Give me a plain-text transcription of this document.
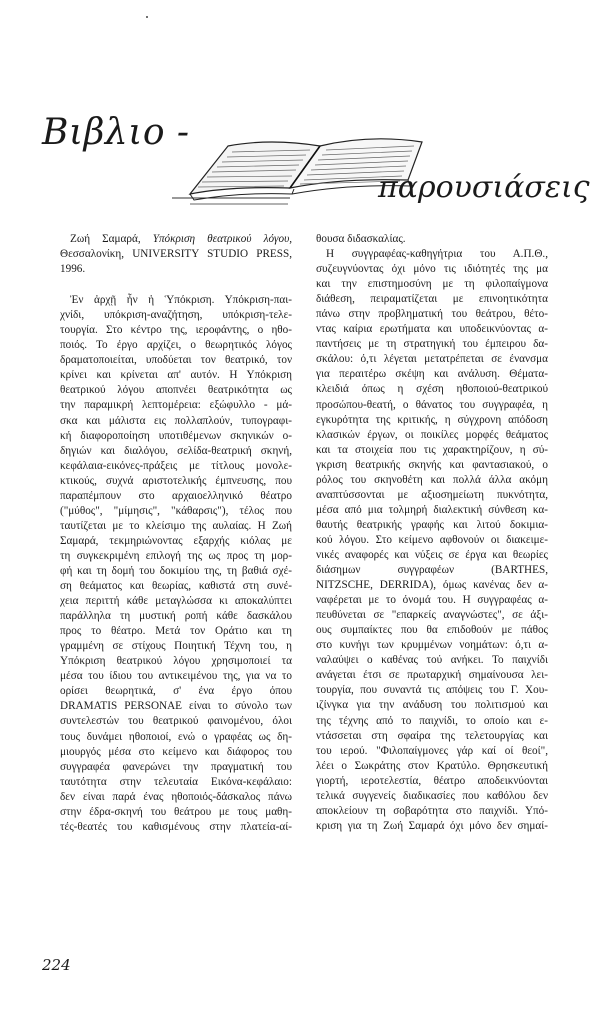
Βιβλιο -
παρουσιάσεις

Ζωή Σαμαρά, Υπόκριση θεατρικού λόγου,
Θεσσαλονίκη, UNIVERSITY STUDIO PRESS,
1996.

Ἐν ἀρχῇ ἦν ἡ Ὑπόκριση. Υπόκριση-παι-
χνίδι, υπόκριση-αναζήτηση, υπόκριση-τελε-
τουργία. Στο κέντρο της, ιεροφάντης, ο ηθο-
ποιός. Το έργο αρχίζει, ο θεωρητικός λόγος
δραματοποιείται, υποδύεται τον θεατρικό, τον
κρίνει και κρίνεται απ' αυτόν. Η Υπόκριση
θεατρικού λόγου αποπνέει θεατρικότητα ως
την παραμικρή λεπτομέρεια: εξώφυλλο - μά-
σκα και μάλιστα εις πολλαπλούν, τυπογραφι-
κή διαφοροποίηση υποτιθέμενων σκηνικών ο-
δηγιών και διαλόγου, σελίδα-θεατρική σκηνή,
κεφάλαια-εικόνες-πράξεις με τίτλους μονολε-
κτικούς, συχνά αριστοτελικής έμπνευσης, που
παραπέμπουν στο αρχαιοελληνικό θέατρο
("μύθος", "μίμησις", "κάθαρσις"), τέλος που
ταυτίζεται με το κλείσιμο της αυλαίας. Η Ζωή
Σαμαρά, τεκμηριώνοντας εξαρχής κιόλας με
τη συγκεκριμένη επιλογή της ως προς τη μορ-
φή και τη δομή του δοκιμίου της, τη βαθιά σχέ-
ση θεάματος και θεωρίας, καθιστά στη συνέ-
χεια περιττή κάθε μεταγλώσσα κι αποκαλύπτει
παράλληλα τη μυστική ροπή κάθε δασκάλου
προς το θέατρο. Μετά τον Οράτιο και τη
γραμμένη σε στίχους Ποιητική Τέχνη του, η
Υπόκριση θεατρικού λόγου χρησιμοποιεί τα
μέσα του ίδιου του αντικειμένου της, για να το
ορίσει θεωρητικά, σ' ένα έργο όπου
DRAMATIS PERSONAE είναι το σύνολο των
συντελεστών του θεατρικού φαινομένου, όλοι
τους δυνάμει ηθοποιοί, ενώ ο γραφέας ως δη-
μιουργός μέσα στο κείμενο και διάφορος του
συγγραφέα φανερώνει την πραγματική του
ταυτότητα στην τελευταία Εικόνα-κεφάλαιο:
δεν είναι παρά ένας ηθοποιός-δάσκαλος πάνω
στην έδρα-σκηνή του θεάτρου με τους μαθη-
τές-θεατές του καθισμένους στην πλατεία-αί-

θουσα διδασκαλίας.
Η συγγραφέας-καθηγήτρια του Α.Π.Θ.,
συζευγνύοντας όχι μόνο τις ιδιότητές της μα
και την επιστημοσύνη με τη φιλοπαίγμονα
διάθεση, πειραματίζεται με επινοητικότητα
πάνω στην προβληματική του θεάτρου, θέτο-
ντας καίρια ερωτήματα και υποδεικνύοντας α-
παντήσεις με τη στρατηγική του έμπειρου δα-
σκάλου: ό,τι λέγεται μετατρέπεται σε ένανσμα
για περαιτέρω σκέψη και ανάλυση. Θέματα-
κλειδιά όπως η σχέση ηθοποιού-θεατρικού
προσώπου-θεατή, ο θάνατος του συγγραφέα, η
εγκυρότητα της κριτικής, η σύγχρονη απόδοση
κλασικών έργων, οι ποικίλες μορφές θεάματος
και τα στοιχεία που τις χαρακτηρίζουν, η σύ-
γκριση θεατρικής σκηνής και φαντασιακού, ο
ρόλος του σκηνοθέτη και πολλά άλλα ακόμη
αναπτύσσονται με αξιοσημείωτη πυκνότητα,
μέσα από μια τολμηρή διαλεκτική σύνθεση κα-
θαυτής θεατρικής γραφής και λιτού δοκιμια-
κού λόγου. Στο κείμενο αφθονούν οι διακειμε-
νικές αναφορές και νύξεις σε έργα και θεωρίες
διάσημων συγγραφέων (BARTHES,
NITZSCHE, DERRIDA), όμως κανένας δεν α-
ναφέρεται με το όνομά του. Η συγγραφέας α-
πευθύνεται σε "επαρκείς αναγνώστες", σε άξι-
ους συμπαίκτες που θα επιδοθούν με πάθος
στο κυνήγι των κρυμμένων νοημάτων: ό,τι α-
ναλαύψει ο καθένας τού ανήκει. Το παιχνίδι
ανάγεται έτσι σε πρωταρχική σημαίνουσα λει-
τουργία, που συναντά τις απόψεις του Γ. Χου-
ιζίνγκα για την ανάδυση του πολιτισμού και
της τέχνης από το παιχνίδι, το οποίο και ε-
ντάσσεται στη σφαίρα της τελετουργίας και
του ιερού. "Φιλοπαίγμονες γάρ καί οί θεοί",
λέει ο Σωκράτης στον Κρατύλο. Θρησκευτική
γιορτή, ιεροτελεστία, θέατρο αποδεικνύονται
τελικά συγγενείς διαδικασίες που καθόλου δεν
αποκλείουν τη σοβαρότητα στο παιχνίδι. Υπό-
κριση για τη Ζωή Σαμαρά όχι μόνο δεν σημαί-

224
